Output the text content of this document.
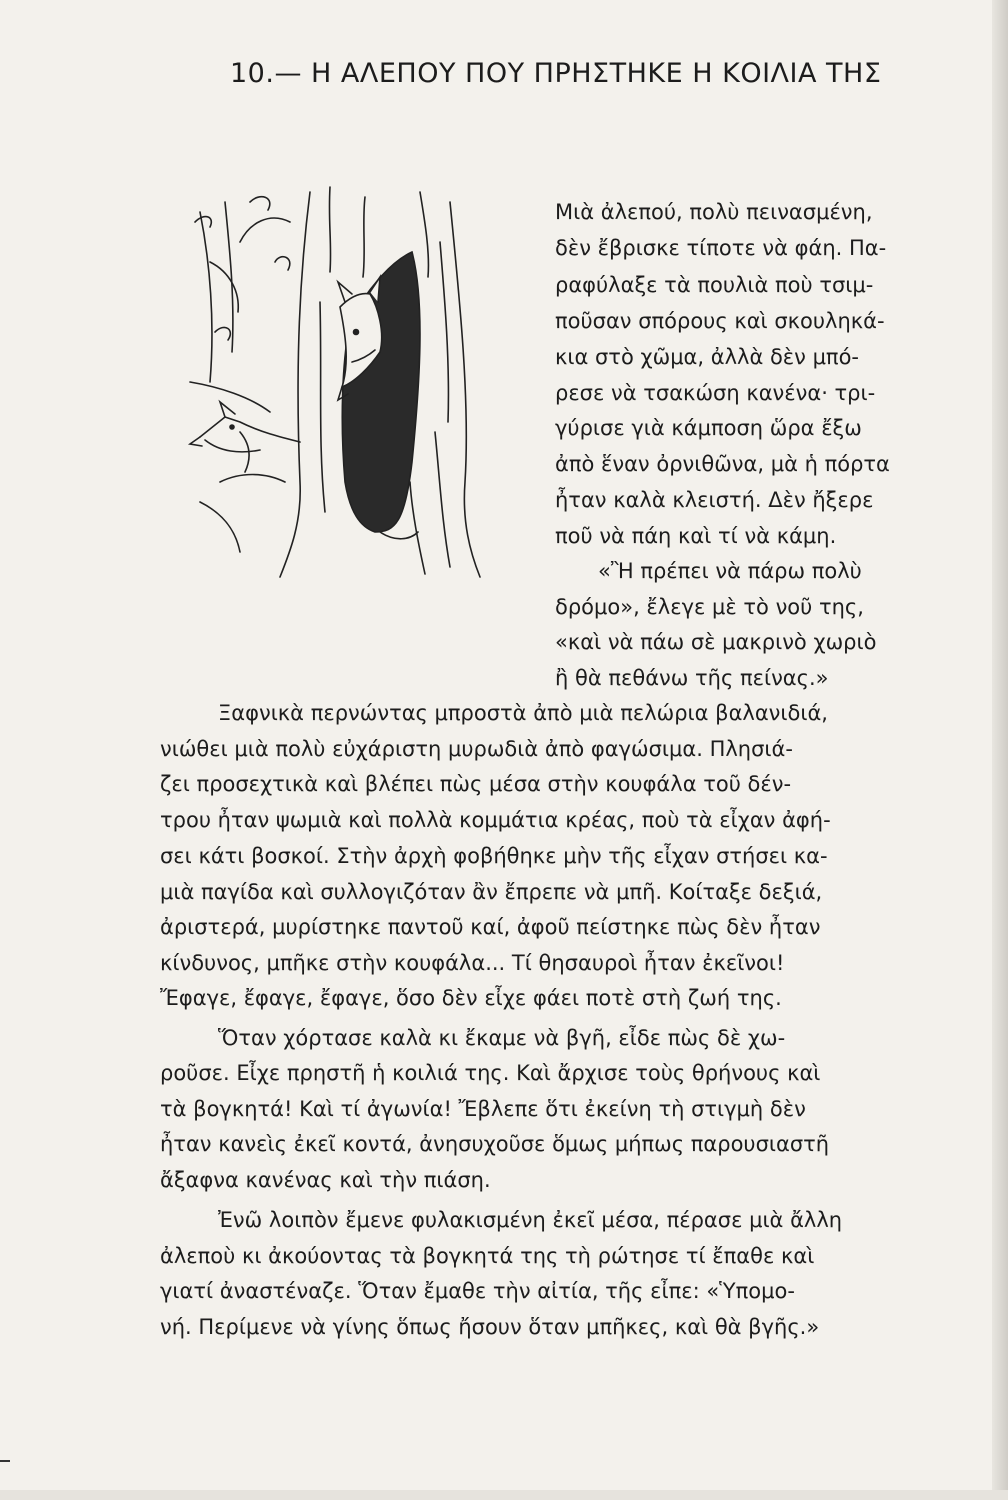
10.— Η ΑΛΕΠΟΥ ΠΟΥ ΠΡΗΣΤΗΚΕ Η ΚΟΙΛΙΑ ΤΗΣ
Μιὰ ἀλεπού, πολὺ πεινασμένη,
δὲν ἔβρισκε τίποτε νὰ φάη. Πα-
ραφύλαξε τὰ πουλιὰ ποὺ τσιμ-
ποῦσαν σπόρους καὶ σκουληκά-
κια στὸ χῶμα, ἀλλὰ δὲν μπό-
ρεσε νὰ τσακώση κανένα· τρι-
γύρισε γιὰ κάμποση ὥρα ἔξω
ἀπὸ ἕναν ὀρνιθῶνα, μὰ ἡ πόρτα
ἦταν καλὰ κλειστή. Δὲν ἤξερε
ποῦ νὰ πάη καὶ τί νὰ κάμη.
«Ἢ πρέπει νὰ πάρω πολὺ
δρόμο», ἔλεγε μὲ τὸ νοῦ της,
«καὶ νὰ πάω σὲ μακρινὸ χωριὸ
ἢ θὰ πεθάνω τῆς πείνας.»
Ξαφνικὰ περνώντας μπροστὰ ἀπὸ μιὰ πελώρια βαλανιδιά,
νιώθει μιὰ πολὺ εὐχάριστη μυρωδιὰ ἀπὸ φαγώσιμα. Πλησιά-
ζει προσεχτικὰ καὶ βλέπει πὼς μέσα στὴν κουφάλα τοῦ δέν-
τρου ἦταν ψωμιὰ καὶ πολλὰ κομμάτια κρέας, ποὺ τὰ εἶχαν ἀφή-
σει κάτι βοσκοί. Στὴν ἀρχὴ φοβήθηκε μὴν τῆς εἶχαν στήσει κα-
μιὰ παγίδα καὶ συλλογιζόταν ἂν ἔπρεπε νὰ μπῆ. Κοίταξε δεξιά,
ἀριστερά, μυρίστηκε παντοῦ καί, ἀφοῦ πείστηκε πὼς δὲν ἦταν
κίνδυνος, μπῆκε στὴν κουφάλα... Τί θησαυροὶ ἦταν ἐκεῖνοι!
Ἔφαγε, ἔφαγε, ἔφαγε, ὅσο δὲν εἶχε φάει ποτὲ στὴ ζωή της.
Ὅταν χόρτασε καλὰ κι ἔκαμε νὰ βγῆ, εἶδε πὼς δὲ χω-
ροῦσε. Εἶχε πρηστῆ ἡ κοιλιά της. Καὶ ἄρχισε τοὺς θρήνους καὶ
τὰ βογκητά! Καὶ τί ἀγωνία! Ἔβλεπε ὅτι ἐκείνη τὴ στιγμὴ δὲν
ἦταν κανεὶς ἐκεῖ κοντά, ἀνησυχοῦσε ὅμως μήπως παρουσιαστῆ
ἄξαφνα κανένας καὶ τὴν πιάση.
Ἐνῶ λοιπὸν ἔμενε φυλακισμένη ἐκεῖ μέσα, πέρασε μιὰ ἄλλη
ἀλεποὺ κι ἀκούοντας τὰ βογκητά της τὴ ρώτησε τί ἔπαθε καὶ
γιατί ἀναστέναζε. Ὅταν ἔμαθε τὴν αἰτία, τῆς εἶπε: «Ὑπομο-
νή. Περίμενε νὰ γίνης ὅπως ἤσουν ὅταν μπῆκες, καὶ θὰ βγῆς.»
